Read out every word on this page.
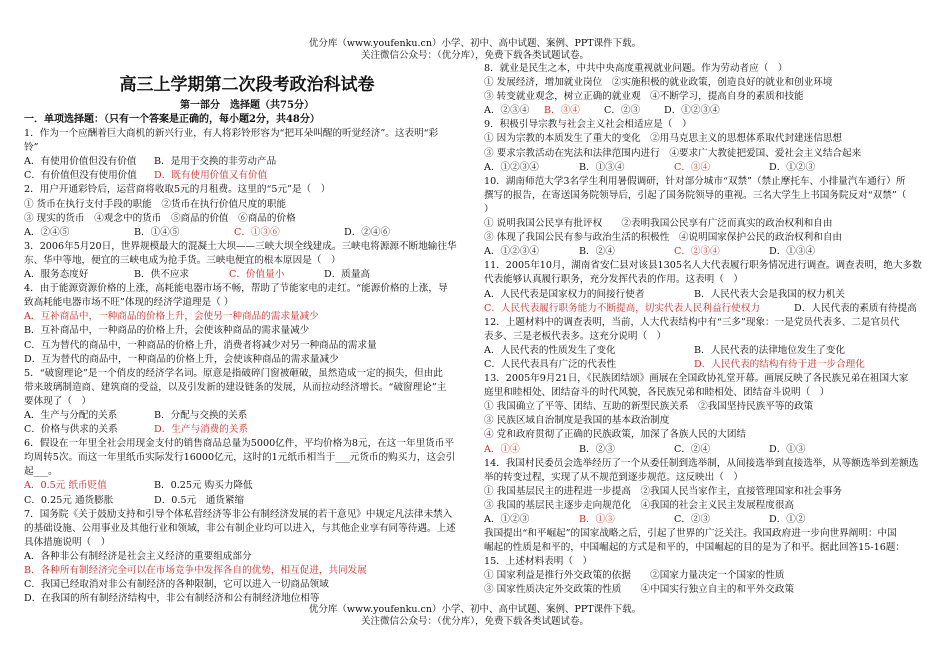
优分库（www.youfenku.cn）小学、初中、高中试题、案例、PPT课件下载。
关注微信公众号：（优分库），免费下载各类试题试卷。
高三上学期第二次段考政治科试卷
第一部分　选择题（共75分）
一．单项选择题：（只有一个答案是正确的，每小题2分，共48分）
1．作为一个应酬着巨大商机的新兴行业，有人将彩铃形容为“把耳朵叫醒的听觉经济”。这表明“彩
铃”
A．有使用价值但没有价值 B．是用于交换的非劳动产品
C．有价值但没有使用价值 D．既有使用价值又有价值
2．用户开通彩铃后，运营商将收取5元的月租费。这里的“5元”是（　）
① 货币在执行支付手段的职能　②货币在执行价值尺度的职能
③ 现实的货币　④观念中的货币　⑤商品的价值　⑥商品的价格
A．②④⑤	B．①④⑤	C．①③⑥	D．②④⑥
3．2006年5月20日，世界规模最大的混凝土大坝——三峡大坝全线建成。三峡电将源源不断地输往华
东、华中等地，便宜的三峡电成为抢手货。三峡电便宜的根本原因是（　）
A．服务态度好	B．供不应求	C．价值量小	D．质量高
4．由于能源资源价格的上涨，高耗能电器市场不畅，帮助了节能家电的走红。“能源价格的上涨，导
致高耗能电器市场不旺”体现的经济学道理是（ ）
A．互补商品中，一种商品的价格上升，会使另一种商品的需求量减少
B．互补商品中，一种商品的价格上升，会使该种商品的需求量减少
C．互为替代的商品中，一种商品的价格上升，消费者将减少对另一种商品的需求量
D．互为替代的商品中，一种商品的价格上升，会使该种商品的需求量减少
5．“破窗理论”是一个俏皮的经济学名词。原意是指破碎门窗被砸破，虽然造成一定的损失，但由此
带来玻璃制造商、建筑商的受益，以及引发新的建设链条的发展，从而拉动经济增长。“破窗理论”主
要体现了（　）
A．生产与分配的关系	B．分配与交换的关系
C．价格与供求的关系	D．生产与消费的关系
6．假设在一年里全社会用现金支付的销售商品总量为5000亿件，平均价格为8元，在这一年里货币平
均周转5次。而这一年里纸币实际发行16000亿元，这时的1元纸币相当于___元货币的购买力，这会引
起___。
A．0.5元 纸币贬值	B．0.25元 购买力降低
C．0.25元 通货膨胀	D．0.5元　通货紧缩
7．国务院《关于鼓励支持和引导个体私营经济等非公有制经济发展的若干意见》中规定凡法律未禁入
的基础设施、公用事业及其他行业和领域，非公有制企业均可以进入，与其他企业享有同等待遇。上述
具体措施说明（　）
A．各种非公有制经济是社会主义经济的重要组成部分
B．各种所有制经济完全可以在市场竞争中发挥各自的优势，相互促进，共同发展
C．我国已经取消对非公有制经济的各种限制，它可以进入一切商品领域
D．在我国的所有制经济结构中，非公有制经济和公有制经济地位相等
8．就业是民生之本，中共中央高度重视就业问题。作为劳动者应（　）
① 发展经济，增加就业岗位　②实施积极的就业政策，创造良好的就业和创业环境
③ 转变就业观念，树立正确的就业观　④不断学习，提高自身的素质和技能
A．②③④ B．③④	C．②③ D．①②③④
9．积极引导宗教与社会主义社会相适应是（　）
① 因为宗教的本质发生了重大的变化　②用马克思主义的思想体系取代封建迷信思想
③ 要求宗教活动在宪法和法律范围内进行　④要求广大教徒把爱国、爱社会主义结合起来
A．①②③④	B．①③④	C．③④	D．①②③
10．湖南师范大学3名学生利用暑假调研，针对部分城市“双禁”（禁止摩托车、小排量汽车通行）所
撰写的报告，在寄送国务院领导后，引起了国务院领导的重视。三名大学生上书国务院反对“双禁”（
）
① 说明我国公民享有批评权　　②表明我国公民享有广泛而真实的政治权利和自由
③ 体现了我国公民有参与政治生活的积极性　④说明国家保护公民的政治权利和自由
A．①②③④	B．②④	C．②③④	D．①③④
11．2005年10月，湖南省安仁县对该县1305名人大代表履行职务情况进行调查。调查表明，绝大多数
代表能够认真履行职务，充分发挥代表的作用。这表明（　）
A．人民代表是国家权力的间接行使者	B．人民代表大会是我国的权力机关
C．人民代表履行职务能力不断提高，切实代表人民利益行使权力	D．人民代表的素质有待提高
12．上题材料中的调查表明，当前，人大代表结构中有“三多”现象：一是党员代表多、二是官员代
表多、三是老板代表多。这充分说明（　）
A．人民代表的性质发生了变化	B．人民代表的法律地位发生了变化
C．人民代表具有广泛的代表性	D．人民代表的结构有待于进一步合理化
13．2005年9月21日，《民族团结颂》画展在全国政协礼堂开幕。画展反映了各民族兄弟在祖国大家
庭里和睦相处、团结奋斗的时代风貌，各民族兄弟和睦相处、团结奋斗说明（　）
① 我国确立了平等、团结、互助的新型民族关系　②我国坚持民族平等的政策
③ 民族区域自治制度是我国的基本政治制度
④ 党和政府贯彻了正确的民族政策，加深了各族人民的大团结
A．①④	B．②③	C．②④	D．①③
14．我国村民委员会选举经历了一个从委任制到选举制，从间接选举到直接选举，从等额选举到差额选
举的转变过程，实现了从不规范到逐步规范。这反映出（　）
① 我国基层民主的进程进一步提高　②我国人民当家作主，直接管理国家和社会事务
③ 我国的基层民主逐步走向规范化　④我国的社会主义民主发展程度很高
A．①②③	B．①③	C．②③	D．①②
我国提出“和平崛起”的国家战略之后，引起了世界的广泛关注。我国政府进一步向世界阐明：中国
崛起的性质是和平的，中国崛起的方式是和平的，中国崛起的目的是为了和平。据此回答15-16题：
15．上述材料表明（　）
① 国家利益是推行外交政策的依据　　②国家力量决定一个国家的性质
③ 国家性质决定外交政策的性质　　④中国实行独立自主的和平外交政策
优分库（www.youfenku.cn）小学、初中、高中试题、案例、PPT课件下载。
关注微信公众号：（优分库），免费下载各类试题试卷。
